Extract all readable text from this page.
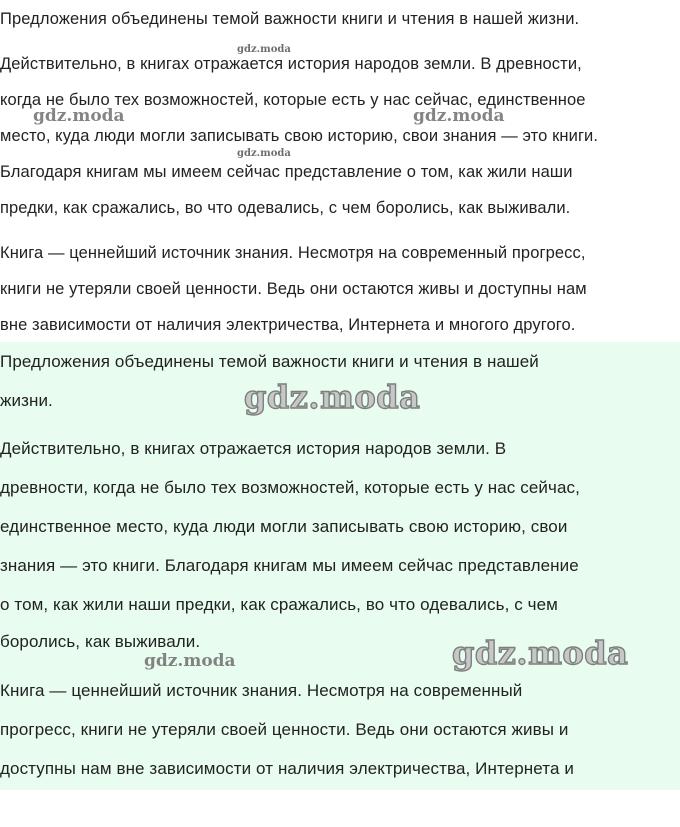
Предложения объединены темой важности книги и чтения в нашей жизни.
Действительно, в книгах отражается история народов земли. В древности,
когда не было тех возможностей, которые есть у нас сейчас, единственное
место, куда люди могли записывать свою историю, свои знания — это книги.
Благодаря книгам мы имеем сейчас представление о том, как жили наши
предки, как сражались, во что одевались, с чем боролись, как выживали.
Книга — ценнейший источник знания. Несмотря на современный прогресс,
книги не утеряли своей ценности. Ведь они остаются живы и доступны нам
вне зависимости от наличия электричества, Интернета и многого другого.
Предложения объединены темой важности книги и чтения в нашей
жизни.
Действительно, в книгах отражается история народов земли. В
древности, когда не было тех возможностей, которые есть у нас сейчас,
единственное место, куда люди могли записывать свою историю, свои
знания — это книги. Благодаря книгам мы имеем сейчас представление
о том, как жили наши предки, как сражались, во что одевались, с чем
боролись, как выживали.
Книга — ценнейший источник знания. Несмотря на современный
прогресс, книги не утеряли своей ценности. Ведь они остаются живы и
доступны нам вне зависимости от наличия электричества, Интернета и
gdz.moda
gdz.moda	gdz.moda
gdz.moda
gdz.moda
gdz.moda	gdz.moda
